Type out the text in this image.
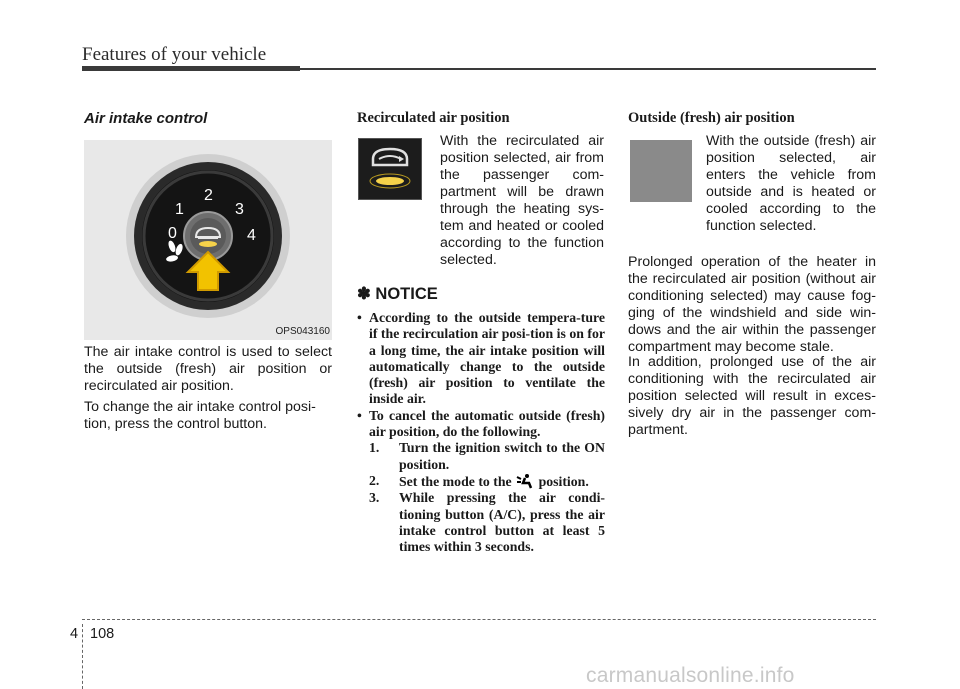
Features of your vehicle
Air intake control
0
1
2
3
4
OPS043160

The air intake control is used to select the outside (fresh) air position or recirculated air position.

To change the air intake control posi-tion, press the control button.

Recirculated air position

With the recirculated air position selected, air from the passenger com-partment will be drawn through the heating sys-tem and heated or cooled according to the function selected.

✽ NOTICE
• According to the outside tempera-ture if the recirculation air posi-tion is on for a long time, the air intake position will automatically change to the outside (fresh) air position to ventilate the inside air.
• To cancel the automatic outside (fresh) air position, do the following.
1. Turn the ignition switch to the ON position.
2. Set the mode to the position.
3. While pressing the air condi-tioning button (A/C), press the air intake control button at least 5 times within 3 seconds.
Outside (fresh) air position

With the outside (fresh) air position selected, air enters the vehicle from outside and is heated or cooled according to the function selected.

Prolonged operation of the heater in the recirculated air position (without air conditioning selected) may cause fog-ging of the windshield and side win-dows and the air within the passenger compartment may become stale.

In addition, prolonged use of the air conditioning with the recirculated air position selected will result in exces-sively dry air in the passenger com-partment.

4 108
carmanualsonline.info
